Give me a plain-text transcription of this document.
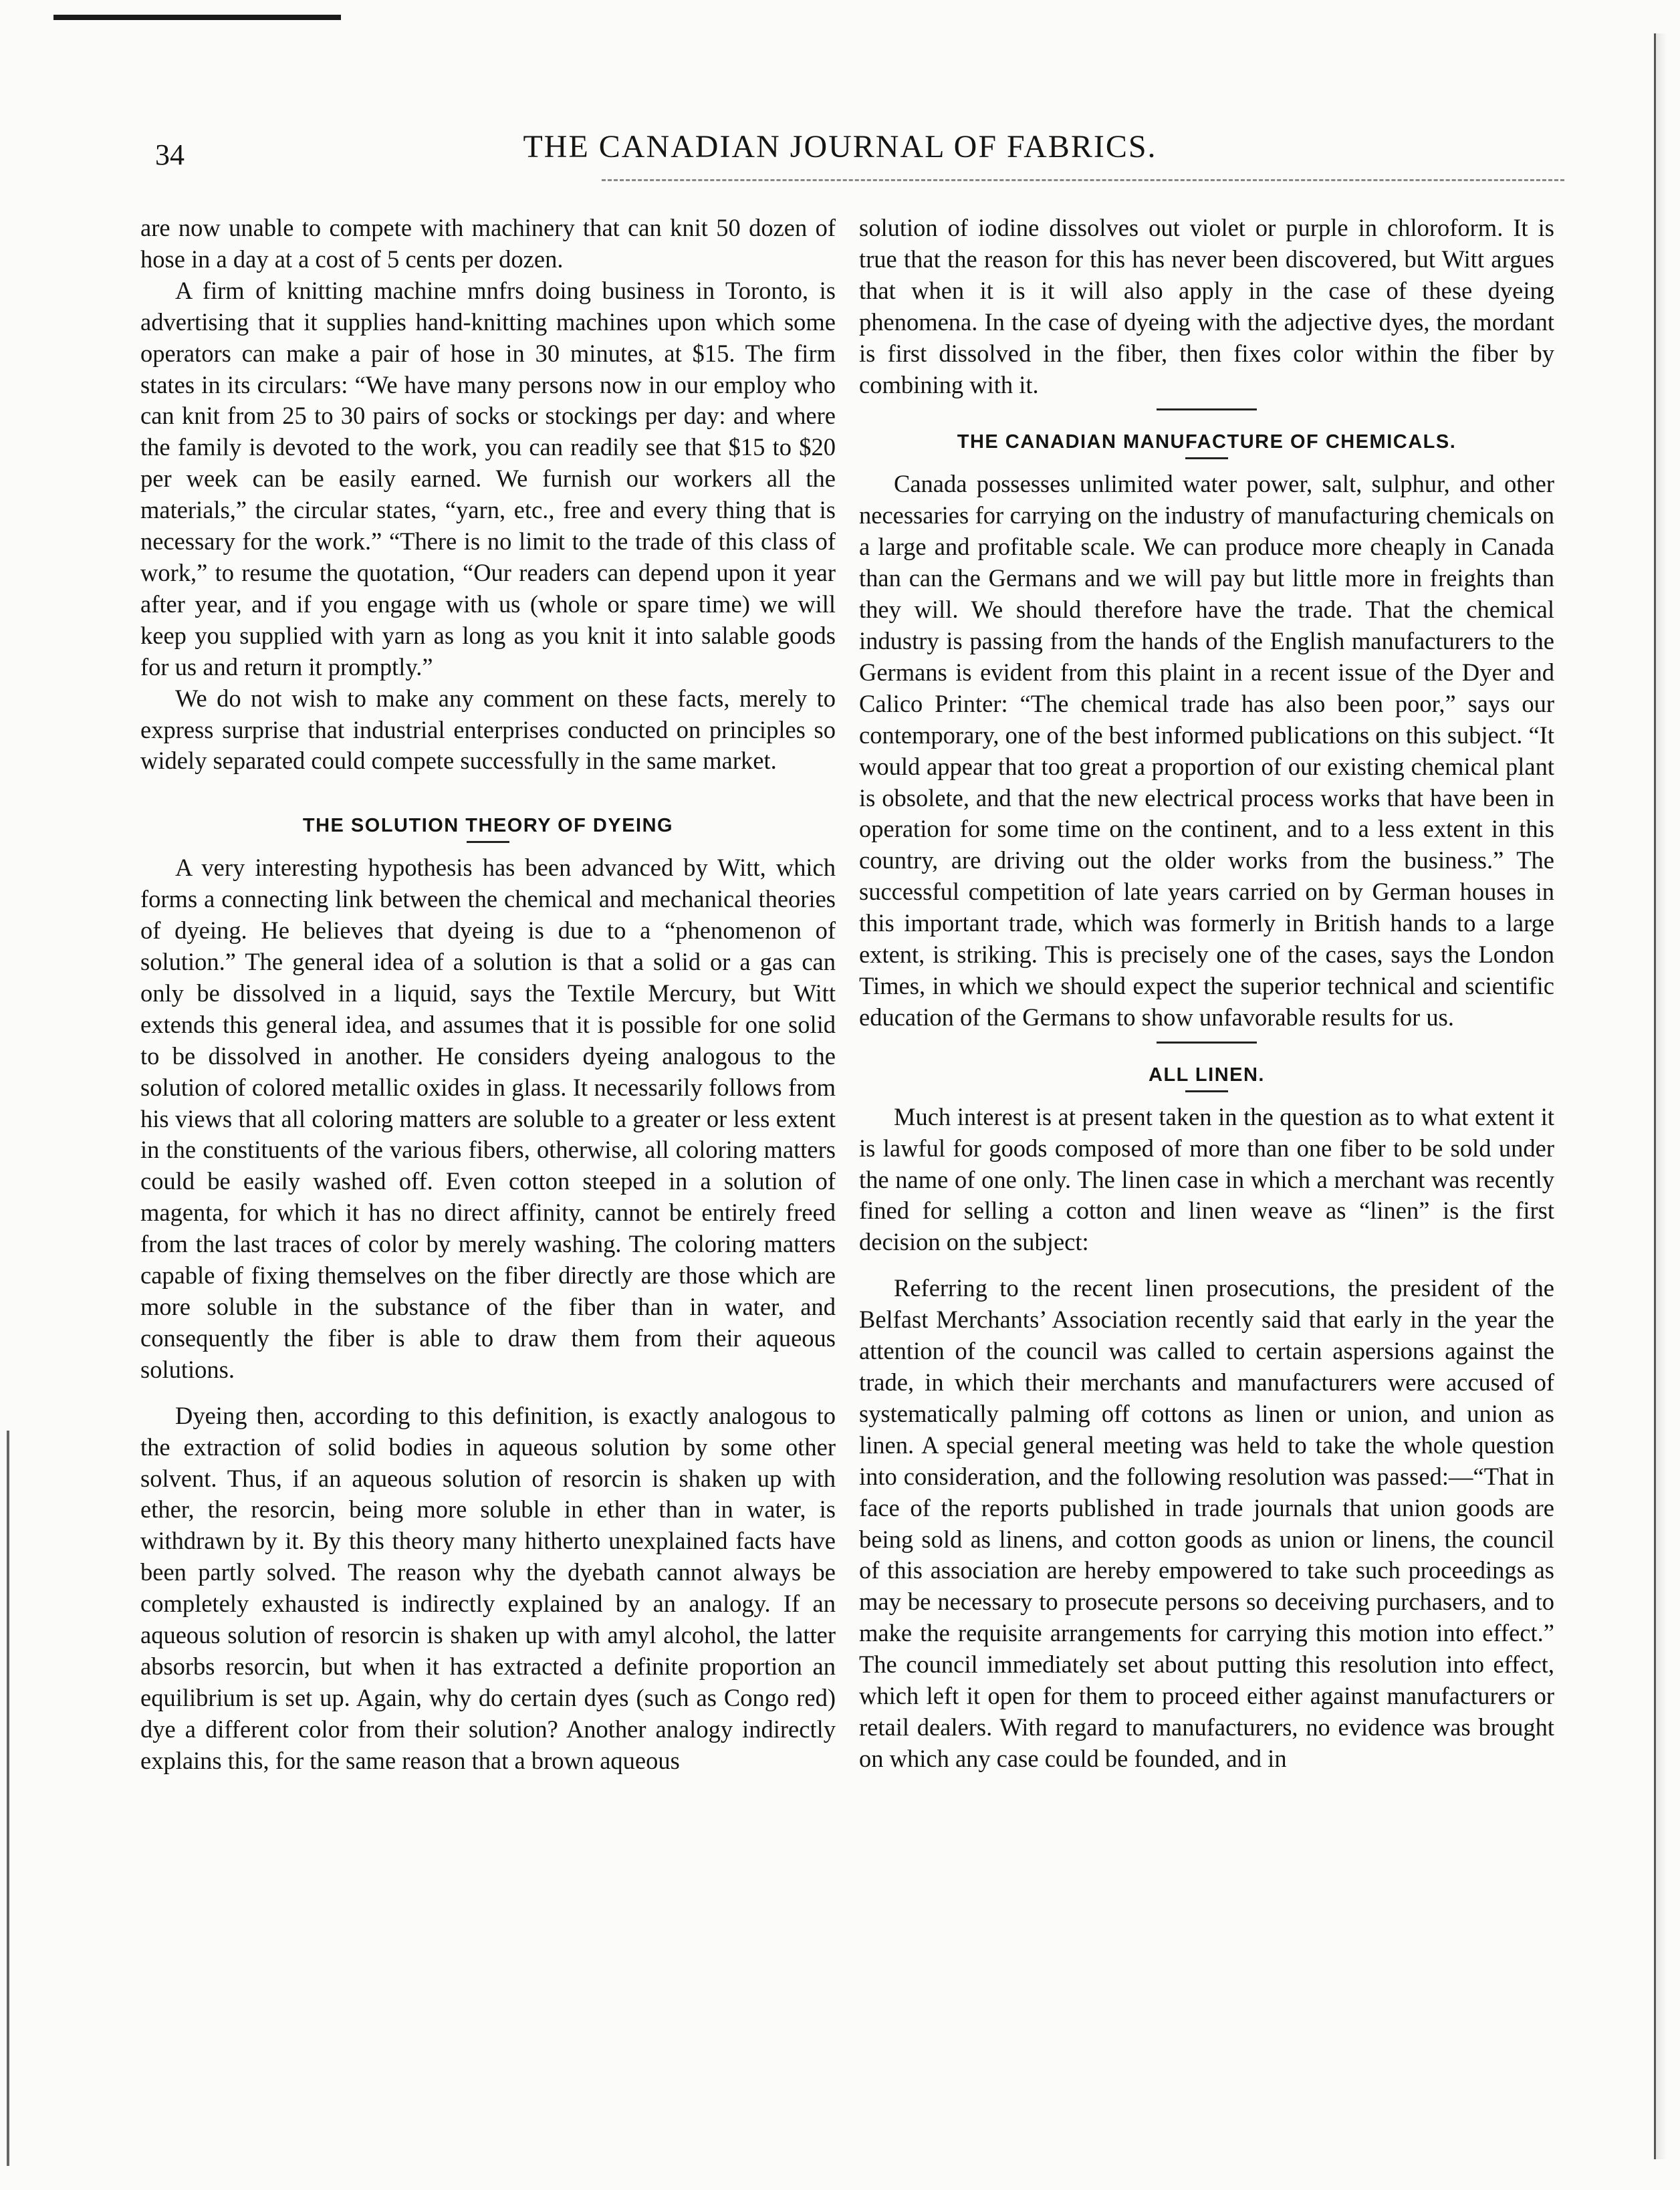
34	THE CANADIAN JOURNAL OF FABRICS.

are now unable to compete with machinery that can knit 50 dozen of hose in a day at a cost of 5 cents per dozen.

A firm of knitting machine mnfrs doing business in Toronto, is advertising that it supplies hand-knitting machines upon which some operators can make a pair of hose in 30 minutes, at $15. The firm states in its circulars: “We have many persons now in our employ who can knit from 25 to 30 pairs of socks or stockings per day: and where the family is devoted to the work, you can readily see that $15 to $20 per week can be easily earned. We furnish our workers all the materials,” the circular states, “yarn, etc., free and every thing that is necessary for the work.” “There is no limit to the trade of this class of work,” to resume the quotation, “Our readers can depend upon it year after year, and if you engage with us (whole or spare time) we will keep you supplied with yarn as long as you knit it into salable goods for us and return it promptly.”

We do not wish to make any comment on these facts, merely to express surprise that industrial enterprises conducted on principles so widely separated could compete successfully in the same market.

THE SOLUTION THEORY OF DYEING

A very interesting hypothesis has been advanced by Witt, which forms a connecting link between the chemical and mechanical theories of dyeing. He believes that dyeing is due to a “phenomenon of solution.” The general idea of a solution is that a solid or a gas can only be dissolved in a liquid, says the Textile Mercury, but Witt extends this general idea, and assumes that it is possible for one solid to be dissolved in another. He considers dyeing analogous to the solution of colored metallic oxides in glass. It necessarily follows from his views that all coloring matters are soluble to a greater or less extent in the constituents of the various fibers, otherwise, all coloring matters could be easily washed off. Even cotton steeped in a solution of magenta, for which it has no direct affinity, cannot be entirely freed from the last traces of color by merely washing. The coloring matters capable of fixing themselves on the fiber directly are those which are more soluble in the substance of the fiber than in water, and consequently the fiber is able to draw them from their aqueous solutions.

Dyeing then, according to this definition, is exactly analogous to the extraction of solid bodies in aqueous solution by some other solvent. Thus, if an aqueous solution of resorcin is shaken up with ether, the resorcin, being more soluble in ether than in water, is withdrawn by it. By this theory many hitherto unexplained facts have been partly solved. The reason why the dyebath cannot always be completely exhausted is indirectly explained by an analogy. If an aqueous solution of resorcin is shaken up with amyl alcohol, the latter absorbs resorcin, but when it has extracted a definite proportion an equilibrium is set up. Again, why do certain dyes (such as Congo red) dye a different color from their solution? Another analogy indirectly explains this, for the same reason that a brown aqueous

solution of iodine dissolves out violet or purple in chloroform. It is true that the reason for this has never been discovered, but Witt argues that when it is it will also apply in the case of these dyeing phenomena. In the case of dyeing with the adjective dyes, the mordant is first dissolved in the fiber, then fixes color within the fiber by combining with it.

THE CANADIAN MANUFACTURE OF CHEMICALS.

Canada possesses unlimited water power, salt, sulphur, and other necessaries for carrying on the industry of manufacturing chemicals on a large and profitable scale. We can produce more cheaply in Canada than can the Germans and we will pay but little more in freights than they will. We should therefore have the trade. That the chemical industry is passing from the hands of the English manufacturers to the Germans is evident from this plaint in a recent issue of the Dyer and Calico Printer: “The chemical trade has also been poor,” says our contemporary, one of the best informed publications on this subject. “It would appear that too great a proportion of our existing chemical plant is obsolete, and that the new electrical process works that have been in operation for some time on the continent, and to a less extent in this country, are driving out the older works from the business.” The successful competition of late years carried on by German houses in this important trade, which was formerly in British hands to a large extent, is striking. This is precisely one of the cases, says the London Times, in which we should expect the superior technical and scientific education of the Germans to show unfavorable results for us.

ALL LINEN.

Much interest is at present taken in the question as to what extent it is lawful for goods composed of more than one fiber to be sold under the name of one only. The linen case in which a merchant was recently fined for selling a cotton and linen weave as “linen” is the first decision on the subject:

Referring to the recent linen prosecutions, the president of the Belfast Merchants’ Association recently said that early in the year the attention of the council was called to certain aspersions against the trade, in which their merchants and manufacturers were accused of systematically palming off cottons as linen or union, and union as linen. A special general meeting was held to take the whole question into consideration, and the following resolution was passed:—“That in face of the reports published in trade journals that union goods are being sold as linens, and cotton goods as union or linens, the council of this association are hereby empowered to take such proceedings as may be necessary to prosecute persons so deceiving purchasers, and to make the requisite arrangements for carrying this motion into effect.” The council immediately set about putting this resolution into effect, which left it open for them to proceed either against manufacturers or retail dealers. With regard to manufacturers, no evidence was brought on which any case could be founded, and in
